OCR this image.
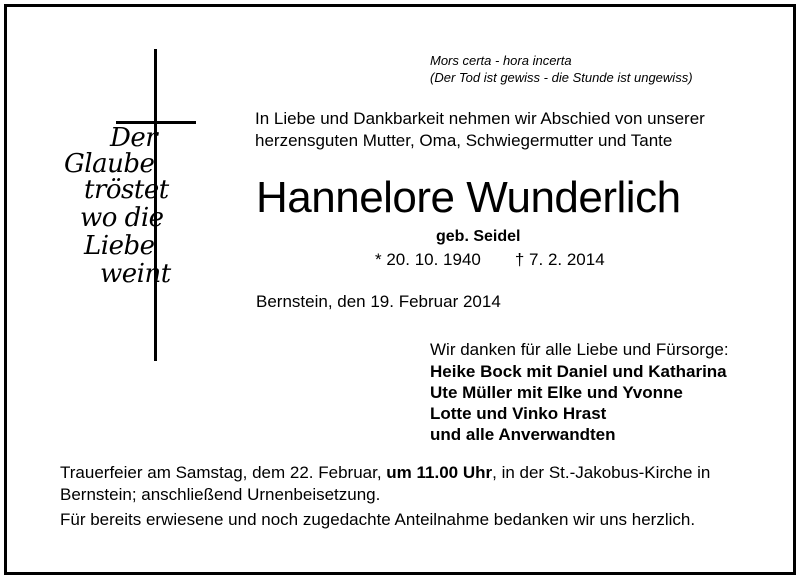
Der
Glaube
tröstet
wo die
Liebe
weint
Mors certa - hora incerta
(Der Tod ist gewiss - die Stunde ist ungewiss)
In Liebe und Dankbarkeit nehmen wir Abschied von unserer
herzensguten Mutter, Oma, Schwiegermutter und Tante
Hannelore Wunderlich
geb. Seidel
* 20. 10. 1940 † 7. 2. 2014
Bernstein, den 19. Februar 2014
Wir danken für alle Liebe und Fürsorge:
Heike Bock mit Daniel und Katharina
Ute Müller mit Elke und Yvonne
Lotte und Vinko Hrast
und alle Anverwandten
Trauerfeier am Samstag, dem 22. Februar, um 11.00 Uhr, in der St.-Jakobus-Kirche in Bernstein; anschließend Urnenbeisetzung.
Für bereits erwiesene und noch zugedachte Anteilnahme bedanken wir uns herzlich.
